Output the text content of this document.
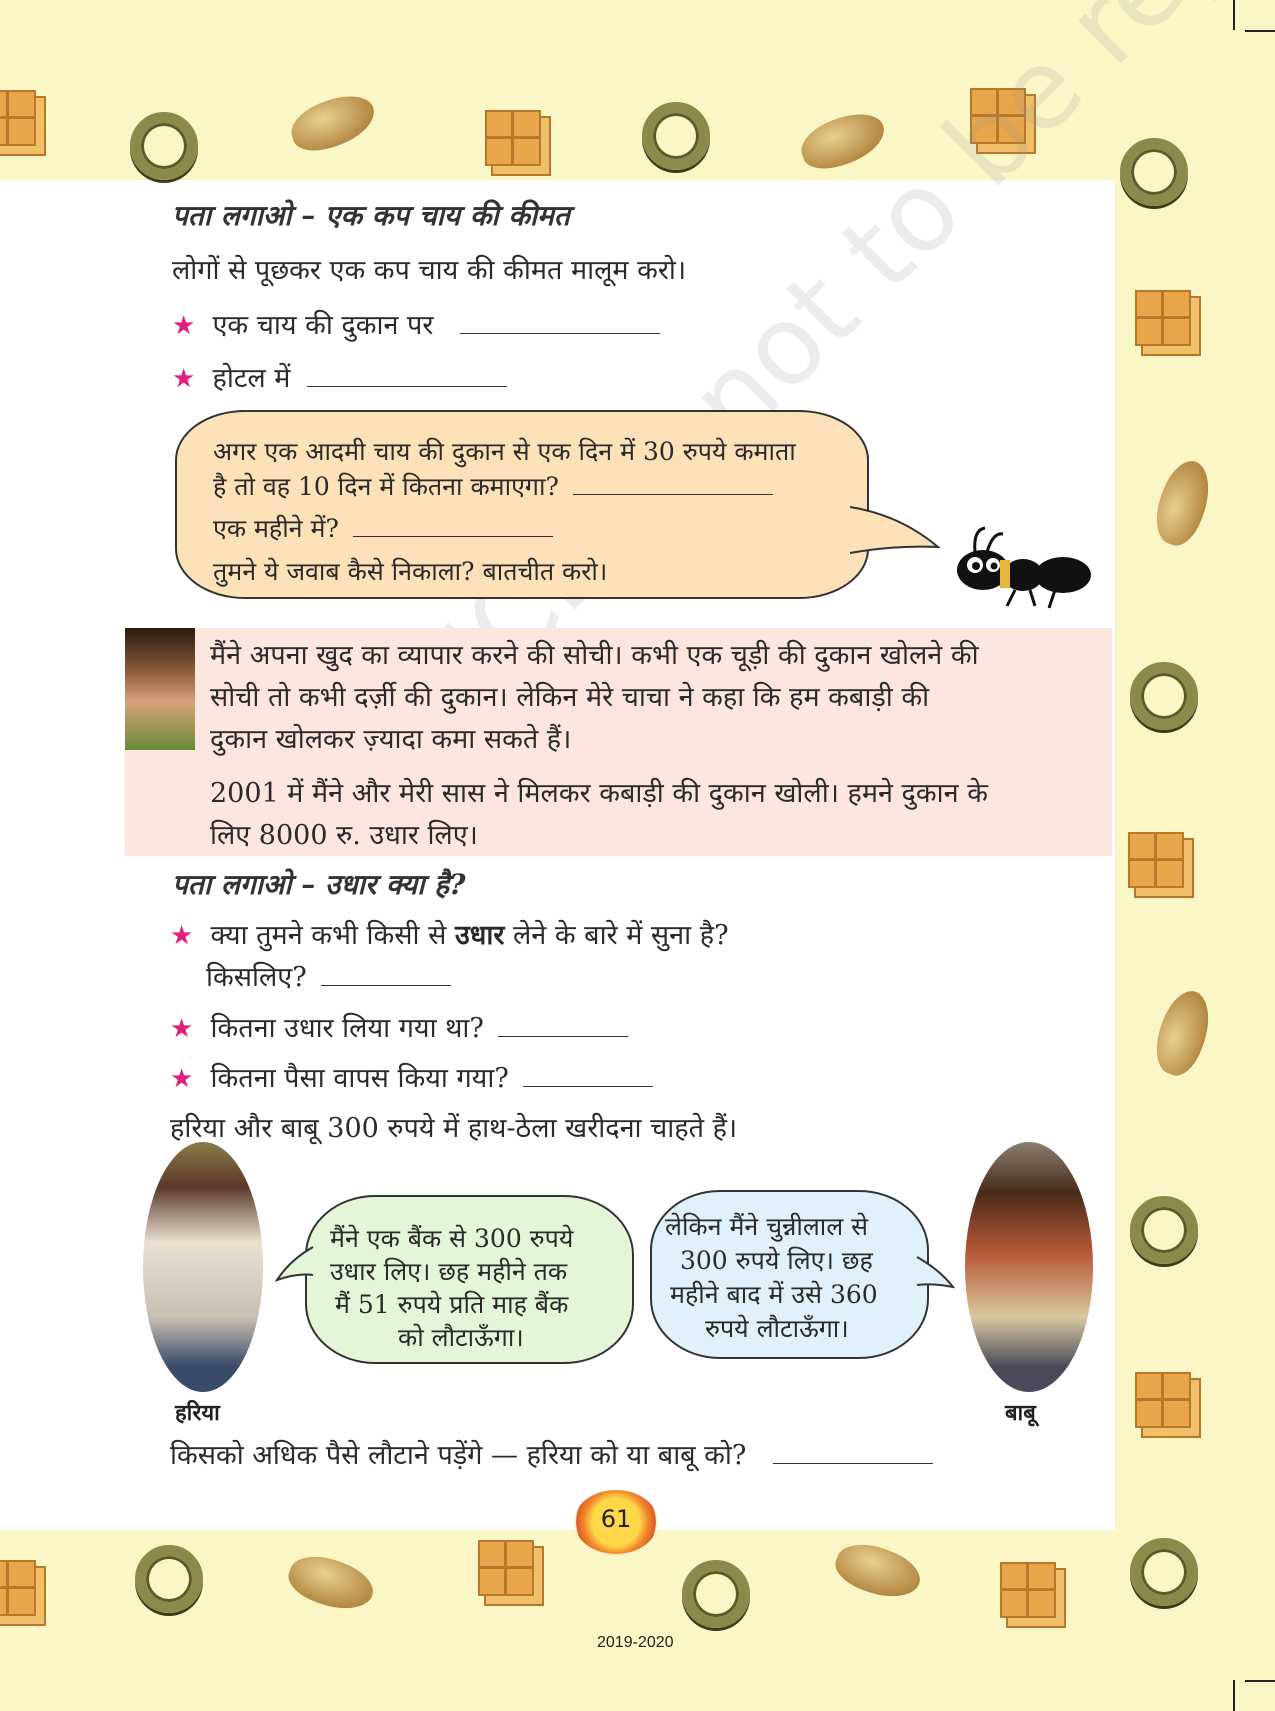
not to be
पता लगाओ – एक कप चाय की कीमत
लोगों से पूछकर एक कप चाय की कीमत मालूम करो।
★ एक चाय की दुकान पर
★ होटल में
अगर एक आदमी चाय की दुकान से एक दिन में 30 रुपये कमाता
है तो वह 10 दिन में कितना कमाएगा?
एक महीने में?
तुमने ये जवाब कैसे निकाला? बातचीत करो।
मैंने अपना खुद का व्यापार करने की सोची। कभी एक चूड़ी की दुकान खोलने की
सोची तो कभी दर्ज़ी की दुकान। लेकिन मेरे चाचा ने कहा कि हम कबाड़ी की
दुकान खोलकर ज़्यादा कमा सकते हैं।
2001 में मैंने और मेरी सास ने मिलकर कबाड़ी की दुकान खोली। हमने दुकान के
लिए 8000 रु. उधार लिए।
पता लगाओ – उधार क्या है?
★ क्या तुमने कभी किसी से उधार लेने के बारे में सुना है?
किसलिए?
★ कितना उधार लिया गया था?
★ कितना पैसा वापस किया गया?
हरिया और बाबू 300 रुपये में हाथ-ठेला खरीदना चाहते हैं।
हरिया
मैंने एक बैंक से 300 रुपये
उधार लिए। छह महीने तक
मैं 51 रुपये प्रति माह बैंक
को लौटाऊँगा।
लेकिन मैंने चुन्नीलाल से
300 रुपये लिए। छह
महीने बाद में उसे 360
रुपये लौटाऊँगा।
बाबू
किसको अधिक पैसे लौटाने पड़ेंगे — हरिया को या बाबू को?
61
2019-2020
